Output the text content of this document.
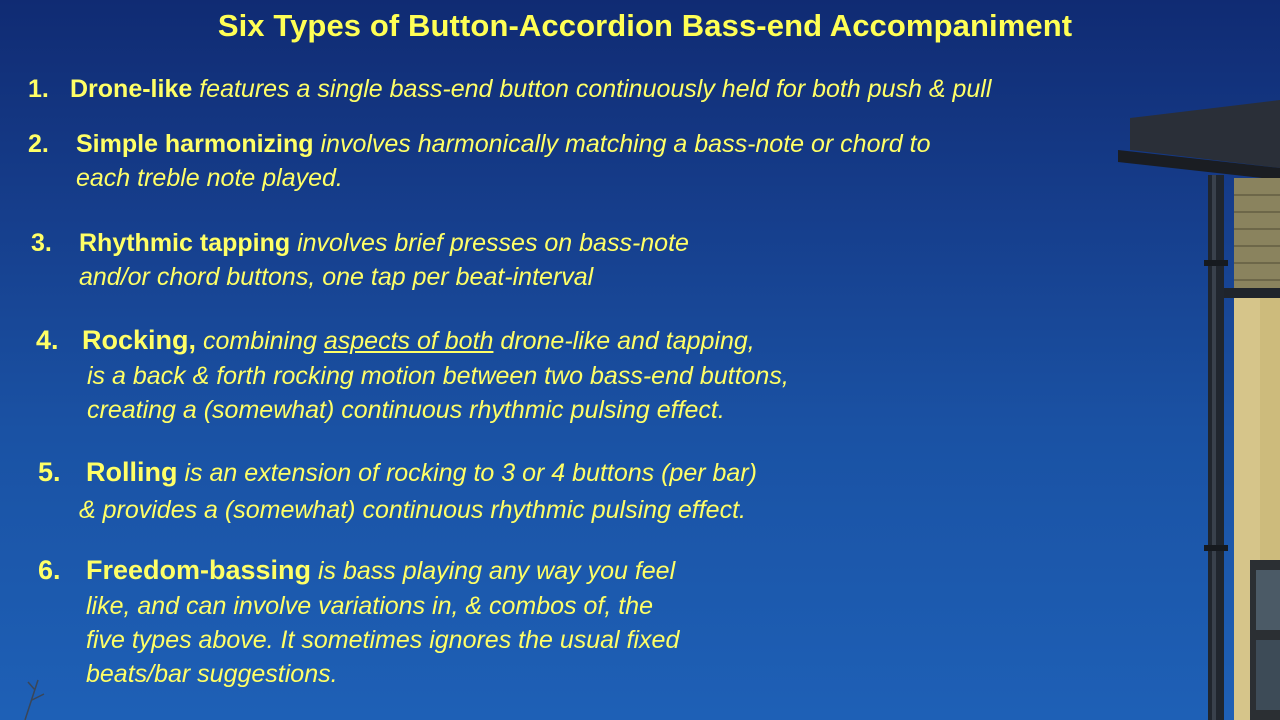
Six Types of Button-Accordion Bass-end Accompaniment
1. Drone-like features a single bass-end button continuously held for both push & pull
2. Simple harmonizing involves harmonically matching a bass-note or chord to
each treble note played.
3. Rhythmic tapping involves brief presses on bass-note
and/or chord buttons, one tap per beat-interval
4. Rocking, combining aspects of both drone-like and tapping,
is a back & forth rocking motion between two bass-end buttons,
creating a (somewhat) continuous rhythmic pulsing effect.
5. Rolling is an extension of rocking to 3 or 4 buttons (per bar)
& provides a (somewhat) continuous rhythmic pulsing effect.
6. Freedom-bassing is bass playing any way you feel
like, and can involve variations in, & combos of, the
five types above. It sometimes ignores the usual fixed
beats/bar suggestions.
